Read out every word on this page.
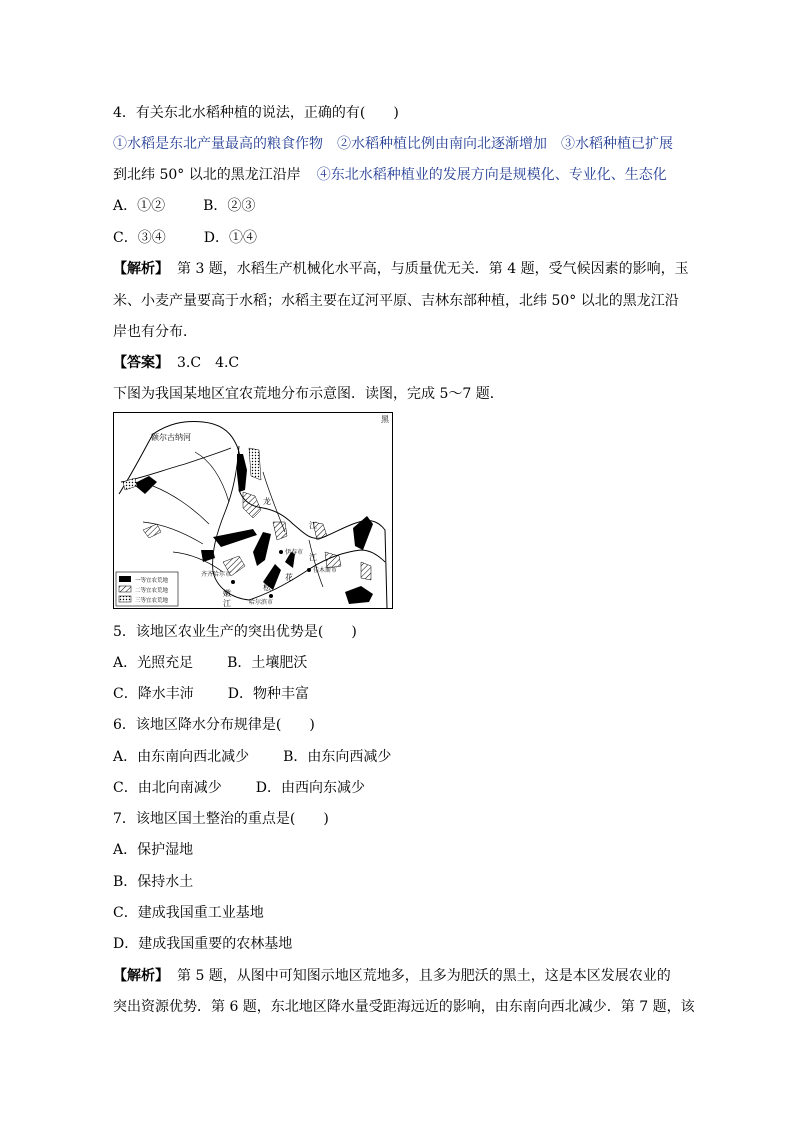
4．有关东北水稻种植的说法，正确的有(　　)
①水稻是东北产量最高的粮食作物　②水稻种植比例由南向北逐渐增加　③水稻种植已扩展
到北纬 50° 以北的黑龙江沿岸 ④东北水稻种植业的发展方向是规模化、专业化、生态化
A．①②	B．②③
C．③④	D．①④
【解析】 第 3 题，水稻生产机械化水平高，与质量优无关．第 4 题，受气候因素的影响，玉
米、小麦产量要高于水稻；水稻主要在辽河平原、吉林东部种植，北纬 50° 以北的黑龙江沿
岸也有分布．
【答案】 3.C　4.C
下图为我国某地区宜农荒地分布示意图．读图，完成 5～7 题．
额尔古纳河
黑
龙
江
伊春市
江
佳木斯市
花
松
齐齐哈尔市
哈尔滨市
嫩
江
一等宜农荒地
二等宜农荒地
三等宜农荒地
5．该地区农业生产的突出优势是(　　)
A．光照充足 B．土壤肥沃
C．降水丰沛 D．物种丰富
6．该地区降水分布规律是(　　)
A．由东南向西北减少 B．由东向西减少
C．由北向南减少 D．由西向东减少
7．该地区国土整治的重点是(　　)
A．保护湿地
B．保持水土
C．建成我国重工业基地
D．建成我国重要的农林基地
【解析】 第 5 题，从图中可知图示地区荒地多，且多为肥沃的黑土，这是本区发展农业的
突出资源优势．第 6 题，东北地区降水量受距海远近的影响，由东南向西北减少．第 7 题，该
